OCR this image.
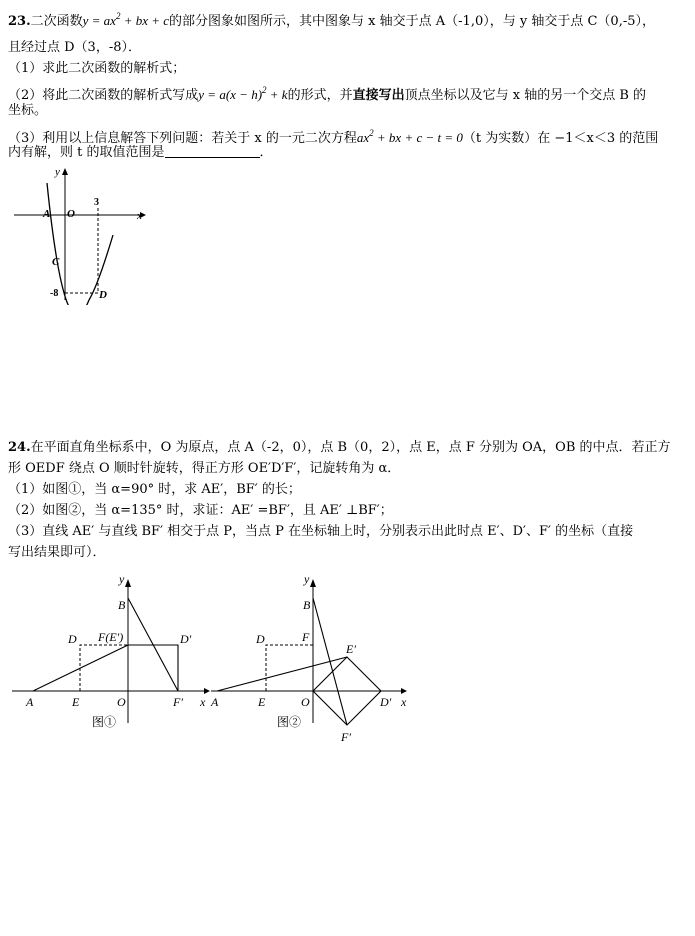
23.二次函数$y = ax^2$ + bx + c的部分图象如图所示，其中图象与 x 轴交于点 A（-1,0），与 y 轴交于点 C（0,-5），
且经过点 D（3，-8）．
（1）求此二次函数的解析式；
（2）将此二次函数的解析式写成$y = a(x - h)^2 + k$的形式，并直接写出顶点坐标以及它与 x 轴的另一个交点 B 的
坐标。
（3）利用以上信息解答下列问题：若关于 x 的一元二次方程$ax^2$ + bx + c − t = 0（t 为实数）在 −1＜x＜3 的范围
内有解，则 t 的取值范围是	．
y
x
A O
3
C
-8	D
24.在平面直角坐标系中，O 为原点，点 A（-2，0），点 B（0，2），点 E，点 F 分别为 OA，OB 的中点．若正方
形 OEDF 绕点 O 顺时针旋转，得正方形 OE′D′F′，记旋转角为 α．
（1）如图①，当 α=90° 时，求 AE′，BF′ 的长；
（2）如图②，当 α=135° 时，求证：AE′ =BF′，且 AE′ ⊥BF′；
（3）直线 AE′ 与直线 BF′ 相交于点 P，当点 P 在坐标轴上时，分别表示出此时点 E′、D′、F′ 的坐标（直接
写出结果即可）．
y
B
D F(E′)	D′
A	E	O	F′ x
图①
y
B
D	F
E′
A	E	O	D′ x
F′
图②
